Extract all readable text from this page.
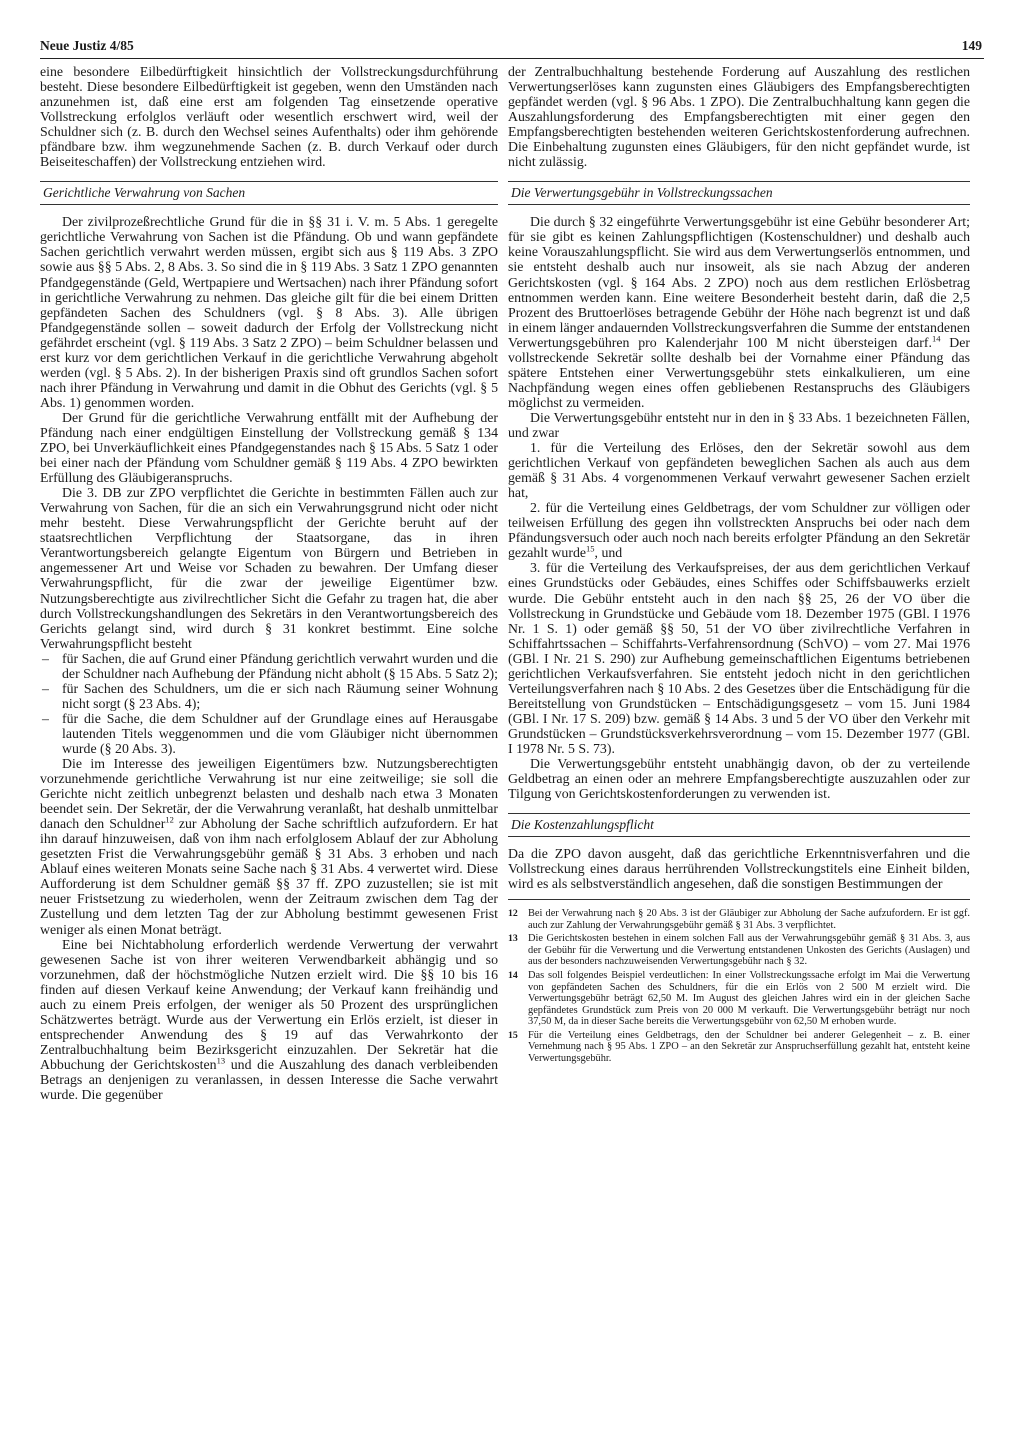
Neue Justiz 4/85	149

eine besondere Eilbedürftigkeit hinsichtlich der Vollstreckungsdurchführung besteht. Diese besondere Eilbedürftigkeit ist gegeben, wenn den Umständen nach anzunehmen ist, daß eine erst am folgenden Tag einsetzende operative Vollstreckung erfolglos verläuft oder wesentlich erschwert wird, weil der Schuldner sich (z. B. durch den Wechsel seines Aufenthalts) oder ihm gehörende pfändbare bzw. ihm wegzunehmende Sachen (z. B. durch Verkauf oder durch Beiseiteschaffen) der Vollstreckung entziehen wird.

Gerichtliche Verwahrung von Sachen

Der zivilprozeßrechtliche Grund für die in §§ 31 i. V. m. 5 Abs. 1 geregelte gerichtliche Verwahrung von Sachen ist die Pfändung. Ob und wann gepfändete Sachen gerichtlich verwahrt werden müssen, ergibt sich aus § 119 Abs. 3 ZPO sowie aus §§ 5 Abs. 2, 8 Abs. 3. So sind die in § 119 Abs. 3 Satz 1 ZPO genannten Pfandgegenstände (Geld, Wertpapiere und Wertsachen) nach ihrer Pfändung sofort in gerichtliche Verwahrung zu nehmen. Das gleiche gilt für die bei einem Dritten gepfändeten Sachen des Schuldners (vgl. § 8 Abs. 3). Alle übrigen Pfandgegenstände sollen – soweit dadurch der Erfolg der Vollstreckung nicht gefährdet erscheint (vgl. § 119 Abs. 3 Satz 2 ZPO) – beim Schuldner belassen und erst kurz vor dem gerichtlichen Verkauf in die gerichtliche Verwahrung abgeholt werden (vgl. § 5 Abs. 2). In der bisherigen Praxis sind oft grundlos Sachen sofort nach ihrer Pfändung in Verwahrung und damit in die Obhut des Gerichts (vgl. § 5 Abs. 1) genommen worden.

Der Grund für die gerichtliche Verwahrung entfällt mit der Aufhebung der Pfändung nach einer endgültigen Einstellung der Vollstreckung gemäß § 134 ZPO, bei Unverkäuflichkeit eines Pfandgegenstandes nach § 15 Abs. 5 Satz 1 oder bei einer nach der Pfändung vom Schuldner gemäß § 119 Abs. 4 ZPO bewirkten Erfüllung des Gläubigeranspruchs.

Die 3. DB zur ZPO verpflichtet die Gerichte in bestimmten Fällen auch zur Verwahrung von Sachen, für die an sich ein Verwahrungsgrund nicht oder nicht mehr besteht. Diese Verwahrungspflicht der Gerichte beruht auf der staatsrechtlichen Verpflichtung der Staatsorgane, das in ihren Verantwortungsbereich gelangte Eigentum von Bürgern und Betrieben in angemessener Art und Weise vor Schaden zu bewahren. Der Umfang dieser Verwahrungspflicht, für die zwar der jeweilige Eigentümer bzw. Nutzungsberechtigte aus zivilrechtlicher Sicht die Gefahr zu tragen hat, die aber durch Vollstreckungshandlungen des Sekretärs in den Verantwortungsbereich des Gerichts gelangt sind, wird durch § 31 konkret bestimmt. Eine solche Verwahrungspflicht besteht

– für Sachen, die auf Grund einer Pfändung gerichtlich verwahrt wurden und die der Schuldner nach Aufhebung der Pfändung nicht abholt (§ 15 Abs. 5 Satz 2);
– für Sachen des Schuldners, um die er sich nach Räumung seiner Wohnung nicht sorgt (§ 23 Abs. 4);
– für die Sache, die dem Schuldner auf der Grundlage eines auf Herausgabe lautenden Titels weggenommen und die vom Gläubiger nicht übernommen wurde (§ 20 Abs. 3).

Die im Interesse des jeweiligen Eigentümers bzw. Nutzungsberechtigten vorzunehmende gerichtliche Verwahrung ist nur eine zeitweilige; sie soll die Gerichte nicht zeitlich unbegrenzt belasten und deshalb nach etwa 3 Monaten beendet sein. Der Sekretär, der die Verwahrung veranlaßt, hat deshalb unmittelbar danach den Schuldner$^{12}$ zur Abholung der Sache schriftlich aufzufordern. Er hat ihn darauf hinzuweisen, daß von ihm nach erfolglosem Ablauf der zur Abholung gesetzten Frist die Verwahrungsgebühr gemäß § 31 Abs. 3 erhoben und nach Ablauf eines weiteren Monats seine Sache nach § 31 Abs. 4 verwertet wird. Diese Aufforderung ist dem Schuldner gemäß §§ 37 ff. ZPO zuzustellen; sie ist mit neuer Fristsetzung zu wiederholen, wenn der Zeitraum zwischen dem Tag der Zustellung und dem letzten Tag der zur Abholung bestimmt gewesenen Frist weniger als einen Monat beträgt.

Eine bei Nichtabholung erforderlich werdende Verwertung der verwahrt gewesenen Sache ist von ihrer weiteren Verwendbarkeit abhängig und so vorzunehmen, daß der höchstmögliche Nutzen erzielt wird. Die §§ 10 bis 16 finden auf diesen Verkauf keine Anwendung; der Verkauf kann freihändig und auch zu einem Preis erfolgen, der weniger als 50 Prozent des ursprünglichen Schätzwertes beträgt. Wurde aus der Verwertung ein Erlös erzielt, ist dieser in entsprechender Anwendung des § 19 auf das Verwahrkonto der Zentralbuchhaltung beim Bezirksgericht einzuzahlen. Der Sekretär hat die Abbuchung der Gerichtskosten$^{13}$ und die Auszahlung des danach verbleibenden Betrags an denjenigen zu veranlassen, in dessen Interesse die Sache verwahrt wurde. Die gegenüber

der Zentralbuchhaltung bestehende Forderung auf Auszahlung des restlichen Verwertungserlöses kann zugunsten eines Gläubigers des Empfangsberechtigten gepfändet werden (vgl. § 96 Abs. 1 ZPO). Die Zentralbuchhaltung kann gegen die Auszahlungsforderung des Empfangsberechtigten mit einer gegen den Empfangsberechtigten bestehenden weiteren Gerichtskostenforderung aufrechnen. Die Einbehaltung zugunsten eines Gläubigers, für den nicht gepfändet wurde, ist nicht zulässig.

Die Verwertungsgebühr in Vollstreckungssachen

Die durch § 32 eingeführte Verwertungsgebühr ist eine Gebühr besonderer Art; für sie gibt es keinen Zahlungspflichtigen (Kostenschuldner) und deshalb auch keine Vorauszahlungspflicht. Sie wird aus dem Verwertungserlös entnommen, und sie entsteht deshalb auch nur insoweit, als sie nach Abzug der anderen Gerichtskosten (vgl. § 164 Abs. 2 ZPO) noch aus dem restlichen Erlösbetrag entnommen werden kann. Eine weitere Besonderheit besteht darin, daß die 2,5 Prozent des Bruttoerlöses betragende Gebühr der Höhe nach begrenzt ist und daß in einem länger andauernden Vollstreckungsverfahren die Summe der entstandenen Verwertungsgebühren pro Kalenderjahr 100 M nicht übersteigen darf.$^{14}$ Der vollstreckende Sekretär sollte deshalb bei der Vornahme einer Pfändung das spätere Entstehen einer Verwertungsgebühr stets einkalkulieren, um eine Nachpfändung wegen eines offen gebliebenen Restanspruchs des Gläubigers möglichst zu vermeiden.

Die Verwertungsgebühr entsteht nur in den in § 33 Abs. 1 bezeichneten Fällen, und zwar

1. für die Verteilung des Erlöses, den der Sekretär sowohl aus dem gerichtlichen Verkauf von gepfändeten beweglichen Sachen als auch aus dem gemäß § 31 Abs. 4 vorgenommenen Verkauf verwahrt gewesener Sachen erzielt hat,

2. für die Verteilung eines Geldbetrags, der vom Schuldner zur völligen oder teilweisen Erfüllung des gegen ihn vollstreckten Anspruchs bei oder nach dem Pfändungsversuch oder auch noch nach bereits erfolgter Pfändung an den Sekretär gezahlt wurde$^{15}$, und

3. für die Verteilung des Verkaufspreises, der aus dem gerichtlichen Verkauf eines Grundstücks oder Gebäudes, eines Schiffes oder Schiffsbauwerks erzielt wurde. Die Gebühr entsteht auch in den nach §§ 25, 26 der VO über die Vollstreckung in Grundstücke und Gebäude vom 18. Dezember 1975 (GBl. I 1976 Nr. 1 S. 1) oder gemäß §§ 50, 51 der VO über zivilrechtliche Verfahren in Schiffahrtssachen – Schiffahrts-Verfahrensordnung (SchVO) – vom 27. Mai 1976 (GBl. I Nr. 21 S. 290) zur Aufhebung gemeinschaftlichen Eigentums betriebenen gerichtlichen Verkaufsverfahren. Sie entsteht jedoch nicht in den gerichtlichen Verteilungsverfahren nach § 10 Abs. 2 des Gesetzes über die Entschädigung für die Bereitstellung von Grundstücken – Entschädigungsgesetz – vom 15. Juni 1984 (GBl. I Nr. 17 S. 209) bzw. gemäß § 14 Abs. 3 und 5 der VO über den Verkehr mit Grundstücken – Grundstücksverkehrsverordnung – vom 15. Dezember 1977 (GBl. I 1978 Nr. 5 S. 73).

Die Verwertungsgebühr entsteht unabhängig davon, ob der zu verteilende Geldbetrag an einen oder an mehrere Empfangsberechtigte auszuzahlen oder zur Tilgung von Gerichtskostenforderungen zu verwenden ist.

Die Kostenzahlungspflicht

Da die ZPO davon ausgeht, daß das gerichtliche Erkenntnisverfahren und die Vollstreckung eines daraus herrührenden Vollstreckungstitels eine Einheit bilden, wird es als selbstverständlich angesehen, daß die sonstigen Bestimmungen der

12 Bei der Verwahrung nach § 20 Abs. 3 ist der Gläubiger zur Abholung der Sache aufzufordern. Er ist ggf. auch zur Zahlung der Verwahrungsgebühr gemäß § 31 Abs. 3 verpflichtet.

13 Die Gerichtskosten bestehen in einem solchen Fall aus der Verwahrungsgebühr gemäß § 31 Abs. 3, aus der Gebühr für die Verwertung und die Verwertung entstandenen Unkosten des Gerichts (Auslagen) und aus der besonders nachzuweisenden Verwertungsgebühr nach § 32.

14 Das soll folgendes Beispiel verdeutlichen: In einer Vollstreckungssache erfolgt im Mai die Verwertung von gepfändeten Sachen des Schuldners, für die ein Erlös von 2 500 M erzielt wird. Die Verwertungsgebühr beträgt 62,50 M. Im August des gleichen Jahres wird ein in der gleichen Sache gepfändetes Grundstück zum Preis von 20 000 M verkauft. Die Verwertungsgebühr beträgt nur noch 37,50 M, da in dieser Sache bereits die Verwertungsgebühr von 62,50 M erhoben wurde.

15 Für die Verteilung eines Geldbetrags, den der Schuldner bei anderer Gelegenheit – z. B. einer Vernehmung nach § 95 Abs. 1 ZPO – an den Sekretär zur Anspruchserfüllung gezahlt hat, entsteht keine Verwertungsgebühr.
